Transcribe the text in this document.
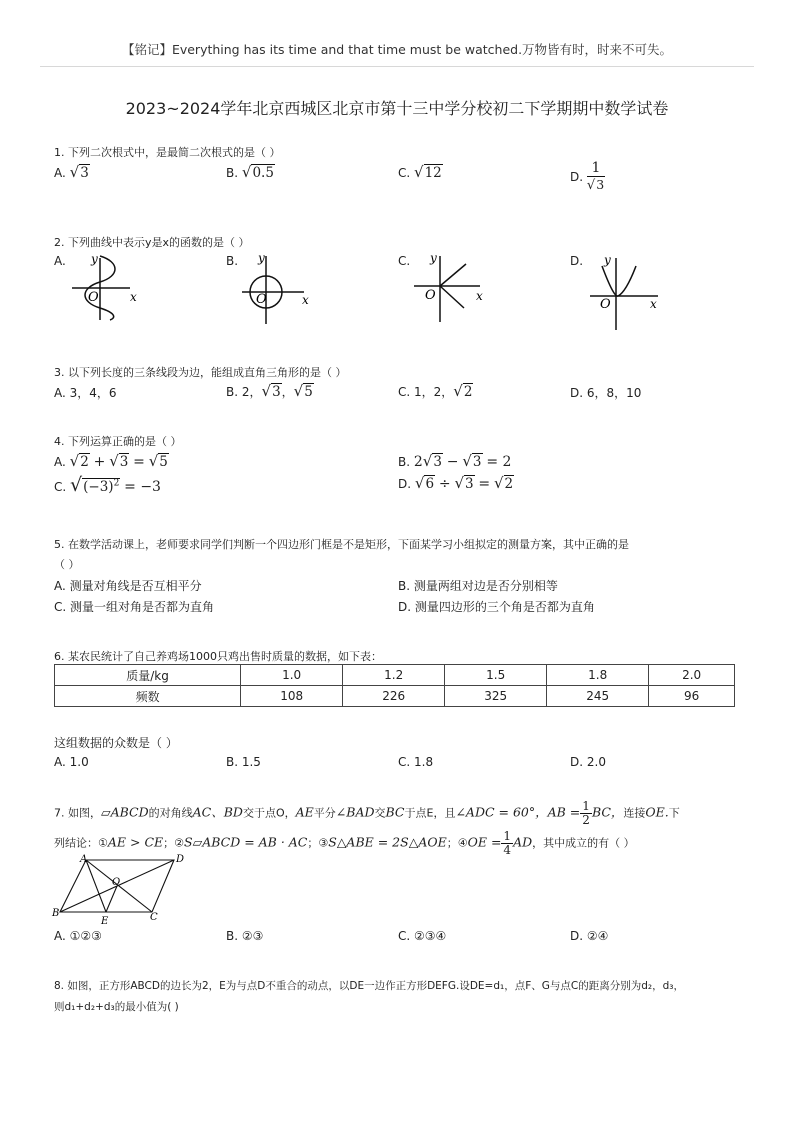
【铭记】Everything has its time and that time must be watched.万物皆有时，时来不可失。
2023~2024学年北京西城区北京市第十三中学分校初二下学期期中数学试卷
1. 下列二次根式中，是最简二次根式的是（ ）
A. √3	B. √0.5	C. √12	D. $\frac{1}{√3}$
2. 下列曲线中表示y是x的函数的是（ ）
A. y
x
O
B. y
x
O
C. y
x
O
D. y
x
O
3. 以下列长度的三条线段为边，能组成直角三角形的是（ ）
A. 3，4，6	B. 2，√3，√5	C. 1，2，√2	D. 6，8，10
4. 下列运算正确的是（ ）
A. √2 + √3 = √5	B. 2√3 − √3 = 2
C. $√(-3)^2 = -3$	D. √6 ÷ √3 = √2
5. 在数学活动课上，老师要求同学们判断一个四边形门框是不是矩形，下面某学习小组拟定的测量方案，其中正确的是
（ ）
A. 测量对角线是否互相平分	B. 测量两组对边是否分别相等
C. 测量一组对角是否都为直角	D. 测量四边形的三个角是否都为直角
6. 某农民统计了自己养鸡场1000只鸡出售时质量的数据，如下表：
质量/kg	1.0	1.2	1.5	1.8	2.0
频数	108	226	325	245	96
这组数据的众数是（ ）
A. 1.0	B. 1.5	C. 1.8	D. 2.0
7. 如图，▱ABCD的对角线AC、BD交于点O，AE平分∠BAD交BC于点E，且∠ADC = 60°，AB = $\frac{1}{2}$ BC，连接OE.下
列结论：①AE > CE；②S▱ABCD = AB · AC；③S△ABE = 2S△AOE；④OE = $\frac{1}{4}$ AD，其中成立的有（ ）
A	D
B	C
E
O
A. ①②③	B. ②③	C. ②③④	D. ②④
8. 如图，正方形ABCD的边长为2，E为与点D不重合的动点，以DE一边作正方形DEFG.设DE=d₁，点F、G与点C的距离分别为d₂，d₃，
则d₁+d₂+d₃的最小值为( )
